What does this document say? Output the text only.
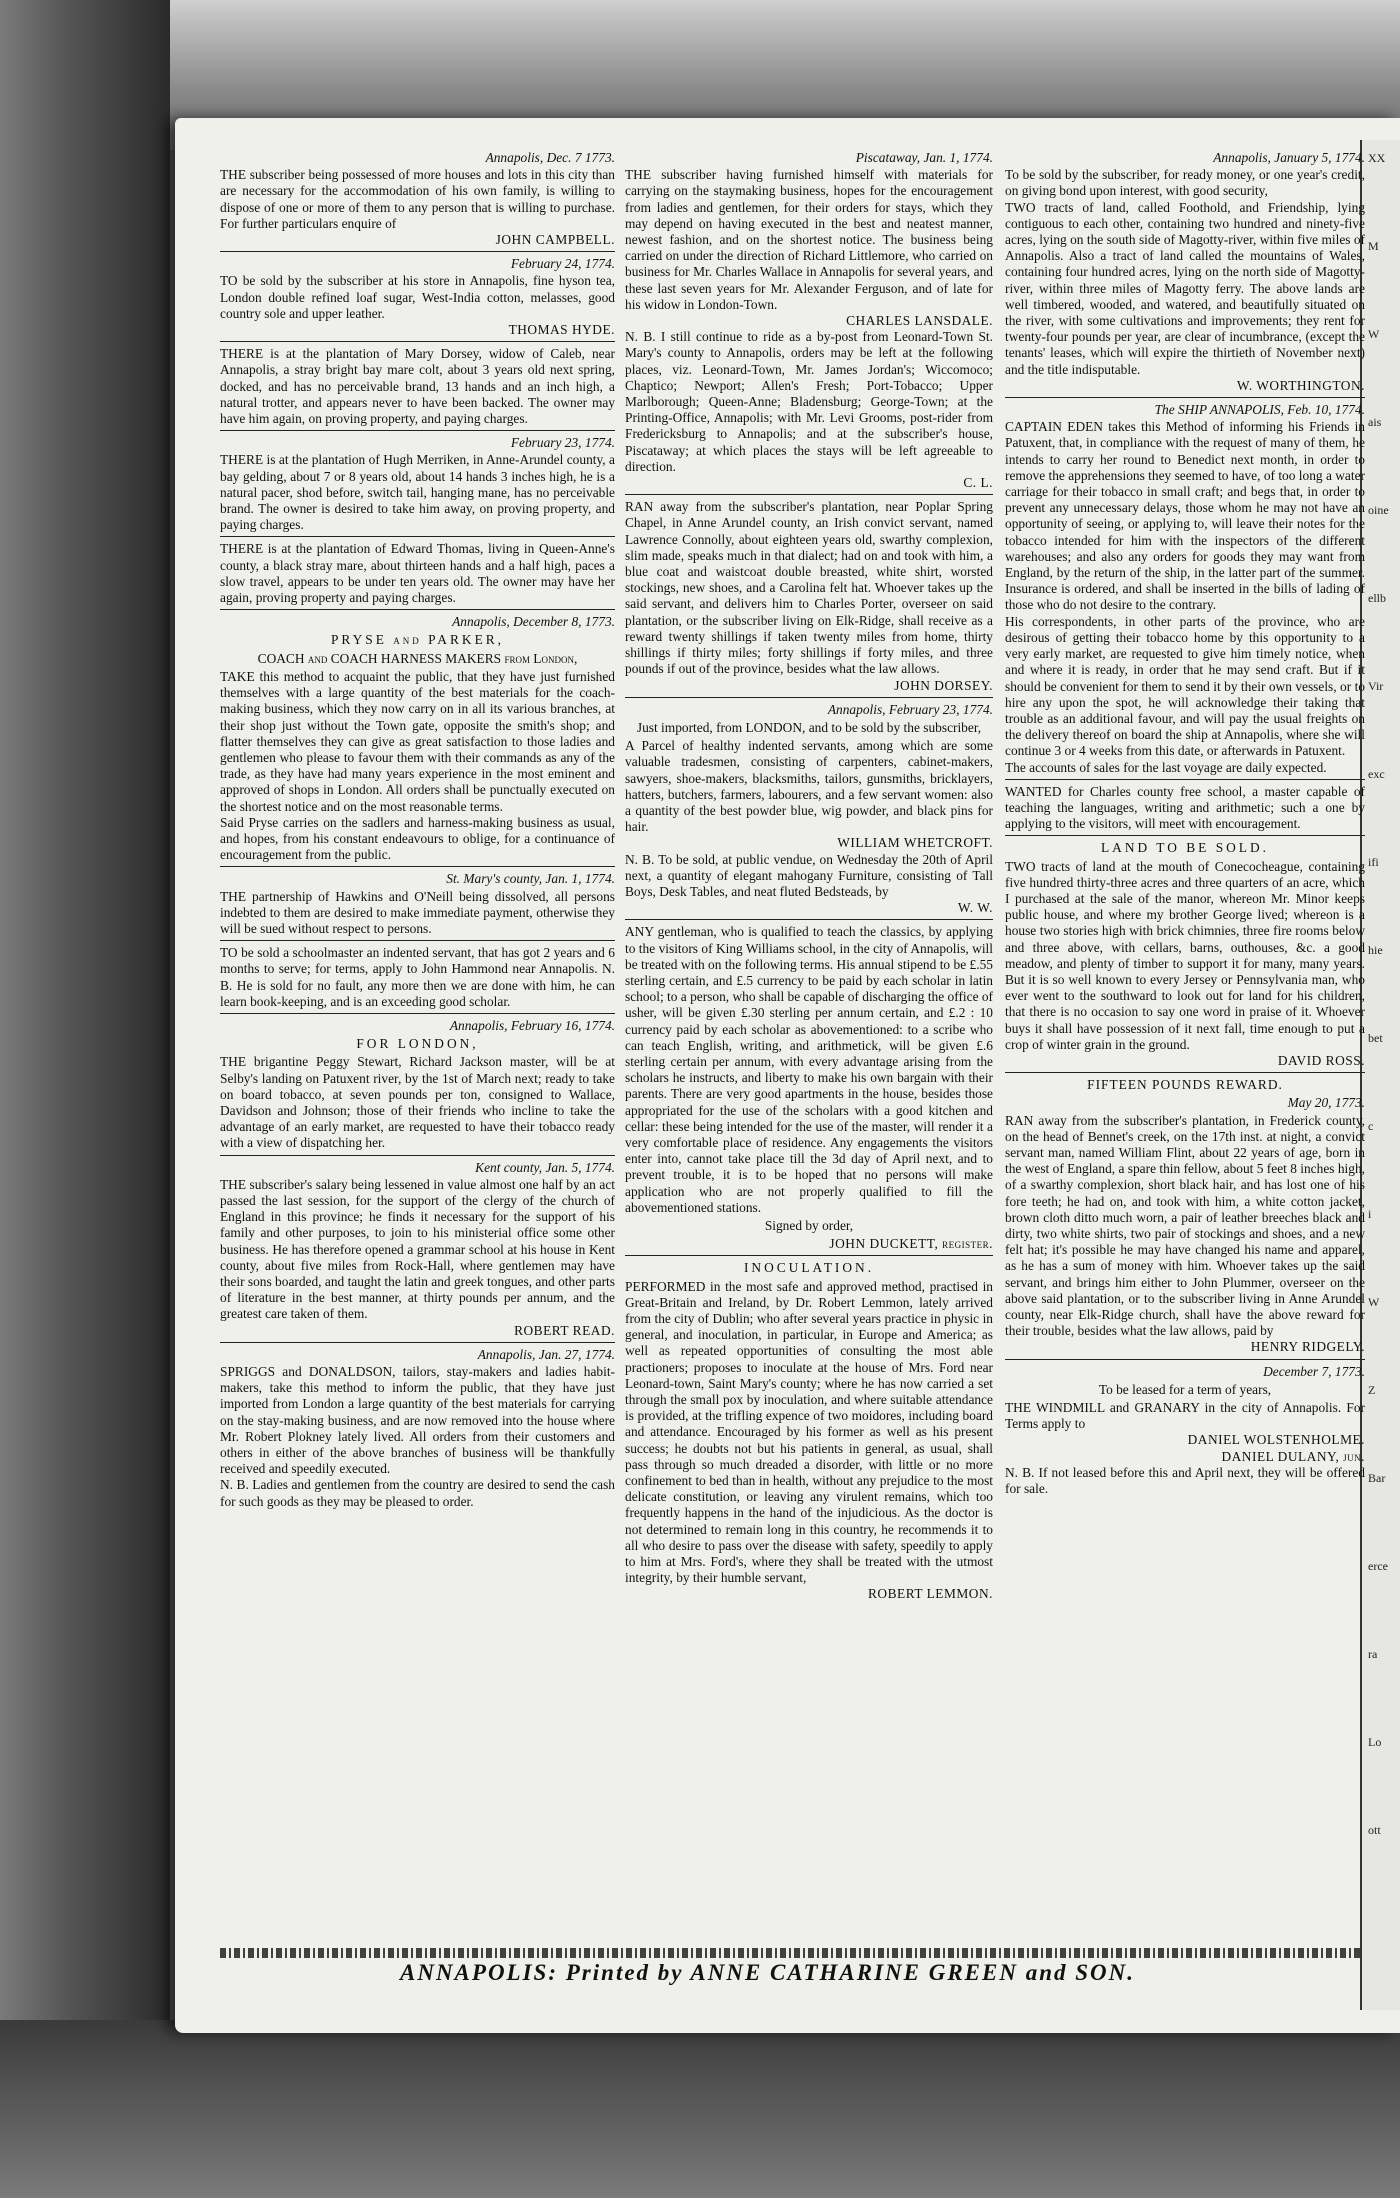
Annapolis, Dec. 7 1773.

THE subscriber being possessed of more houses and lots in this city than are necessary for the accommodation of his own family, is willing to dispose of one or more of them to any person that is willing to purchase. For further particulars enquire of

JOHN CAMPBELL.
February 24, 1774.

TO be sold by the subscriber at his store in Annapolis, fine hyson tea, London double refined loaf sugar, West-India cotton, melasses, good country sole and upper leather.

THOMAS HYDE.

THERE is at the plantation of Mary Dorsey, widow of Caleb, near Annapolis, a stray bright bay mare colt, about 3 years old next spring, docked, and has no perceivable brand, 13 hands and an inch high, a natural trotter, and appears never to have been backed. The owner may have him again, on proving property, and paying charges.

February 23, 1774.

THERE is at the plantation of Hugh Merriken, in Anne-Arundel county, a bay gelding, about 7 or 8 years old, about 14 hands 3 inches high, he is a natural pacer, shod before, switch tail, hanging mane, has no perceivable brand. The owner is desired to take him away, on proving property, and paying charges.

THERE is at the plantation of Edward Thomas, living in Queen-Anne's county, a black stray mare, about thirteen hands and a half high, paces a slow travel, appears to be under ten years old. The owner may have her again, proving property and paying charges.

Annapolis, December 8, 1773.
PRYSE and PARKER,
COACH and COACH HARNESS MAKERS from London,

TAKE this method to acquaint the public, that they have just furnished themselves with a large quantity of the best materials for the coach-making business, which they now carry on in all its various branches, at their shop just without the Town gate, opposite the smith's shop; and flatter themselves they can give as great satisfaction to those ladies and gentlemen who please to favour them with their commands as any of the trade, as they have had many years experience in the most eminent and approved of shops in London. All orders shall be punctually executed on the shortest notice and on the most reasonable terms.

Said Pryse carries on the sadlers and harness-making business as usual, and hopes, from his constant endeavours to oblige, for a continuance of encouragement from the public.

St. Mary's county, Jan. 1, 1774.

THE partnership of Hawkins and O'Neill being dissolved, all persons indebted to them are desired to make immediate payment, otherwise they will be sued without respect to persons.

TO be sold a schoolmaster an indented servant, that has got 2 years and 6 months to serve; for terms, apply to John Hammond near Annapolis. N. B. He is sold for no fault, any more then we are done with him, he can learn book-keeping, and is an exceeding good scholar.

Annapolis, February 16, 1774.
FOR LONDON,

THE brigantine Peggy Stewart, Richard Jackson master, will be at Selby's landing on Patuxent river, by the 1st of March next; ready to take on board tobacco, at seven pounds per ton, consigned to Wallace, Davidson and Johnson; those of their friends who incline to take the advantage of an early market, are requested to have their tobacco ready with a view of dispatching her.

Kent county, Jan. 5, 1774.

THE subscriber's salary being lessened in value almost one half by an act passed the last session, for the support of the clergy of the church of England in this province; he finds it necessary for the support of his family and other purposes, to join to his ministerial office some other business. He has therefore opened a grammar school at his house in Kent county, about five miles from Rock-Hall, where gentlemen may have their sons boarded, and taught the latin and greek tongues, and other parts of literature in the best manner, at thirty pounds per annum, and the greatest care taken of them.

ROBERT READ.
Annapolis, Jan. 27, 1774.

SPRIGGS and DONALDSON, tailors, stay-makers and ladies habit-makers, take this method to inform the public, that they have just imported from London a large quantity of the best materials for carrying on the stay-making business, and are now removed into the house where Mr. Robert Plokney lately lived. All orders from their customers and others in either of the above branches of business will be thankfully received and speedily executed.

N. B. Ladies and gentlemen from the country are desired to send the cash for such goods as they may be pleased to order.

Piscataway, Jan. 1, 1774.

THE subscriber having furnished himself with materials for carrying on the staymaking business, hopes for the encouragement from ladies and gentlemen, for their orders for stays, which they may depend on having executed in the best and neatest manner, newest fashion, and on the shortest notice. The business being carried on under the direction of Richard Littlemore, who carried on business for Mr. Charles Wallace in Annapolis for several years, and these last seven years for Mr. Alexander Ferguson, and of late for his widow in London-Town.

CHARLES LANSDALE.

N. B. I still continue to ride as a by-post from Leonard-Town St. Mary's county to Annapolis, orders may be left at the following places, viz. Leonard-Town, Mr. James Jordan's; Wiccomoco; Chaptico; Newport; Allen's Fresh; Port-Tobacco; Upper Marlborough; Queen-Anne; Bladensburg; George-Town; at the Printing-Office, Annapolis; with Mr. Levi Grooms, post-rider from Fredericksburg to Annapolis; and at the subscriber's house, Piscataway; at which places the stays will be left agreeable to direction.

C. L.

RAN away from the subscriber's plantation, near Poplar Spring Chapel, in Anne Arundel county, an Irish convict servant, named Lawrence Connolly, about eighteen years old, swarthy complexion, slim made, speaks much in that dialect; had on and took with him, a blue coat and waistcoat double breasted, white shirt, worsted stockings, new shoes, and a Carolina felt hat. Whoever takes up the said servant, and delivers him to Charles Porter, overseer on said plantation, or the subscriber living on Elk-Ridge, shall receive as a reward twenty shillings if taken twenty miles from home, thirty shillings if thirty miles; forty shillings if forty miles, and three pounds if out of the province, besides what the law allows.

JOHN DORSEY.
Annapolis, February 23, 1774.
Just imported, from LONDON, and to be sold by the subscriber,

A Parcel of healthy indented servants, among which are some valuable tradesmen, consisting of carpenters, cabinet-makers, sawyers, shoe-makers, blacksmiths, tailors, gunsmiths, bricklayers, hatters, butchers, farmers, labourers, and a few servant women: also a quantity of the best powder blue, wig powder, and black pins for hair.

WILLIAM WHETCROFT.

N. B. To be sold, at public vendue, on Wednesday the 20th of April next, a quantity of elegant mahogany Furniture, consisting of Tall Boys, Desk Tables, and neat fluted Bedsteads, by

W. W.

ANY gentleman, who is qualified to teach the classics, by applying to the visitors of King Williams school, in the city of Annapolis, will be treated with on the following terms. His annual stipend to be £.55 sterling certain, and £.5 currency to be paid by each scholar in latin school; to a person, who shall be capable of discharging the office of usher, will be given £.30 sterling per annum certain, and £.2 : 10 currency paid by each scholar as abovementioned: to a scribe who can teach English, writing, and arithmetick, will be given £.6 sterling certain per annum, with every advantage arising from the scholars he instructs, and liberty to make his own bargain with their parents. There are very good apartments in the house, besides those appropriated for the use of the scholars with a good kitchen and cellar: these being intended for the use of the master, will render it a very comfortable place of residence. Any engagements the visitors enter into, cannot take place till the 3d day of April next, and to prevent trouble, it is to be hoped that no persons will make application who are not properly qualified to fill the abovementioned stations.

Signed by order,
JOHN DUCKETT, register.
INOCULATION.

PERFORMED in the most safe and approved method, practised in Great-Britain and Ireland, by Dr. Robert Lemmon, lately arrived from the city of Dublin; who after several years practice in physic in general, and inoculation, in particular, in Europe and America; as well as repeated opportunities of consulting the most able practioners; proposes to inoculate at the house of Mrs. Ford near Leonard-town, Saint Mary's county; where he has now carried a set through the small pox by inoculation, and where suitable attendance is provided, at the trifling expence of two moidores, including board and attendance. Encouraged by his former as well as his present success; he doubts not but his patients in general, as usual, shall pass through so much dreaded a disorder, with little or no more confinement to bed than in health, without any prejudice to the most delicate constitution, or leaving any virulent remains, which too frequently happens in the hand of the injudicious. As the doctor is not determined to remain long in this country, he recommends it to all who desire to pass over the disease with safety, speedily to apply to him at Mrs. Ford's, where they shall be treated with the utmost integrity, by their humble servant,

ROBERT LEMMON.
Annapolis, January 5, 1774.

To be sold by the subscriber, for ready money, or one year's credit, on giving bond upon interest, with good security,

TWO tracts of land, called Foothold, and Friendship, lying contiguous to each other, containing two hundred and ninety-five acres, lying on the south side of Magotty-river, within five miles of Annapolis. Also a tract of land called the mountains of Wales, containing four hundred acres, lying on the north side of Magotty-river, within three miles of Magotty ferry. The above lands are well timbered, wooded, and watered, and beautifully situated on the river, with some cultivations and improvements; they rent for twenty-four pounds per year, are clear of incumbrance, (except the tenants' leases, which will expire the thirtieth of November next) and the title indisputable.

W. WORTHINGTON.
The SHIP ANNAPOLIS, Feb. 10, 1774.

CAPTAIN EDEN takes this Method of informing his Friends in Patuxent, that, in compliance with the request of many of them, he intends to carry her round to Benedict next month, in order to remove the apprehensions they seemed to have, of too long a water carriage for their tobacco in small craft; and begs that, in order to prevent any unnecessary delays, those whom he may not have an opportunity of seeing, or applying to, will leave their notes for the tobacco intended for him with the inspectors of the different warehouses; and also any orders for goods they may want from England, by the return of the ship, in the latter part of the summer. Insurance is ordered, and shall be inserted in the bills of lading of those who do not desire to the contrary.

His correspondents, in other parts of the province, who are desirous of getting their tobacco home by this opportunity to a very early market, are requested to give him timely notice, when and where it is ready, in order that he may send craft. But if it should be convenient for them to send it by their own vessels, or to hire any upon the spot, he will acknowledge their taking that trouble as an additional favour, and will pay the usual freights on the delivery thereof on board the ship at Annapolis, where she will continue 3 or 4 weeks from this date, or afterwards in Patuxent.

The accounts of sales for the last voyage are daily expected.

WANTED for Charles county free school, a master capable of teaching the languages, writing and arithmetic; such a one by applying to the visitors, will meet with encouragement.

LAND TO BE SOLD.

TWO tracts of land at the mouth of Conecocheague, containing five hundred thirty-three acres and three quarters of an acre, which I purchased at the sale of the manor, whereon Mr. Minor keeps public house, and where my brother George lived; whereon is a house two stories high with brick chimnies, three fire rooms below and three above, with cellars, barns, outhouses, &c. a good meadow, and plenty of timber to support it for many, many years. But it is so well known to every Jersey or Pennsylvania man, who ever went to the southward to look out for land for his children, that there is no occasion to say one word in praise of it. Whoever buys it shall have possession of it next fall, time enough to put a crop of winter grain in the ground.

DAVID ROSS.
FIFTEEN POUNDS REWARD.
May 20, 1773.

RAN away from the subscriber's plantation, in Frederick county, on the head of Bennet's creek, on the 17th inst. at night, a convict servant man, named William Flint, about 22 years of age, born in the west of England, a spare thin fellow, about 5 feet 8 inches high, of a swarthy complexion, short black hair, and has lost one of his fore teeth; he had on, and took with him, a white cotton jacket, brown cloth ditto much worn, a pair of leather breeches black and dirty, two white shirts, two pair of stockings and shoes, and a new felt hat; it's possible he may have changed his name and apparel, as he has a sum of money with him. Whoever takes up the said servant, and brings him either to John Plummer, overseer on the above said plantation, or to the subscriber living in Anne Arundel county, near Elk-Ridge church, shall have the above reward for their trouble, besides what the law allows, paid by

HENRY RIDGELY.
December 7, 1773.
To be leased for a term of years,

THE WINDMILL and GRANARY in the city of Annapolis. For Terms apply to

DANIEL WOLSTENHOLME.
DANIEL DULANY, jun.

N. B. If not leased before this and April next, they will be offered for sale.

XX
M
W
ais
oine
ellb
Vir
exc
ifi
hie
bet
c
i
W
Z
Bar
erce
ra
Lo
ott
ANNAPOLIS: Printed by ANNE CATHARINE GREEN and SON.
